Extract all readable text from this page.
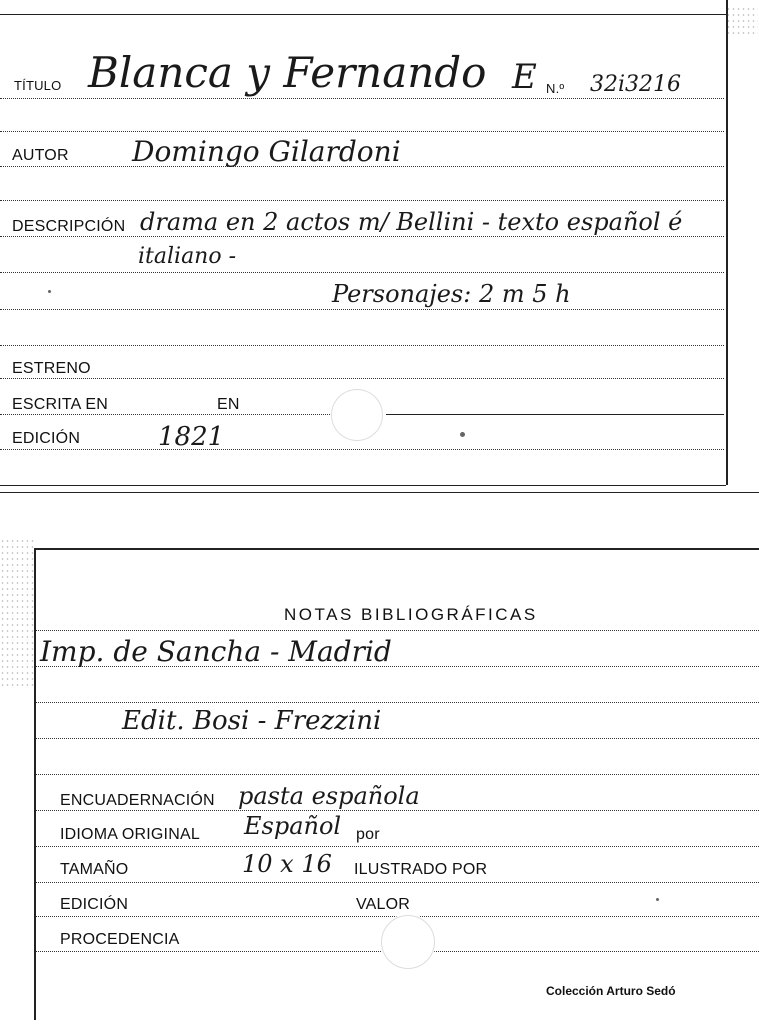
TÍTULO Blanca y Fernando E N.º 32i3216
AUTOR Domingo Gilardoni
DESCRIPCIÓN drama en 2 actos m/ Bellini - texto español é
italiano -
Personajes: 2 m 5 h
ESTRENO
ESCRITA EN	EN
EDICIÓN	1821
NOTAS BIBLIOGRÁFICAS
Imp. de Sancha - Madrid
Edit. Bosi - Frezzini
ENCUADERNACIÓN pasta española
IDIOMA ORIGINAL Español por
TAMAÑO	10 x 16 ILUSTRADO POR
EDICIÓN	VALOR
PROCEDENCIA
Colección Arturo Sedó
